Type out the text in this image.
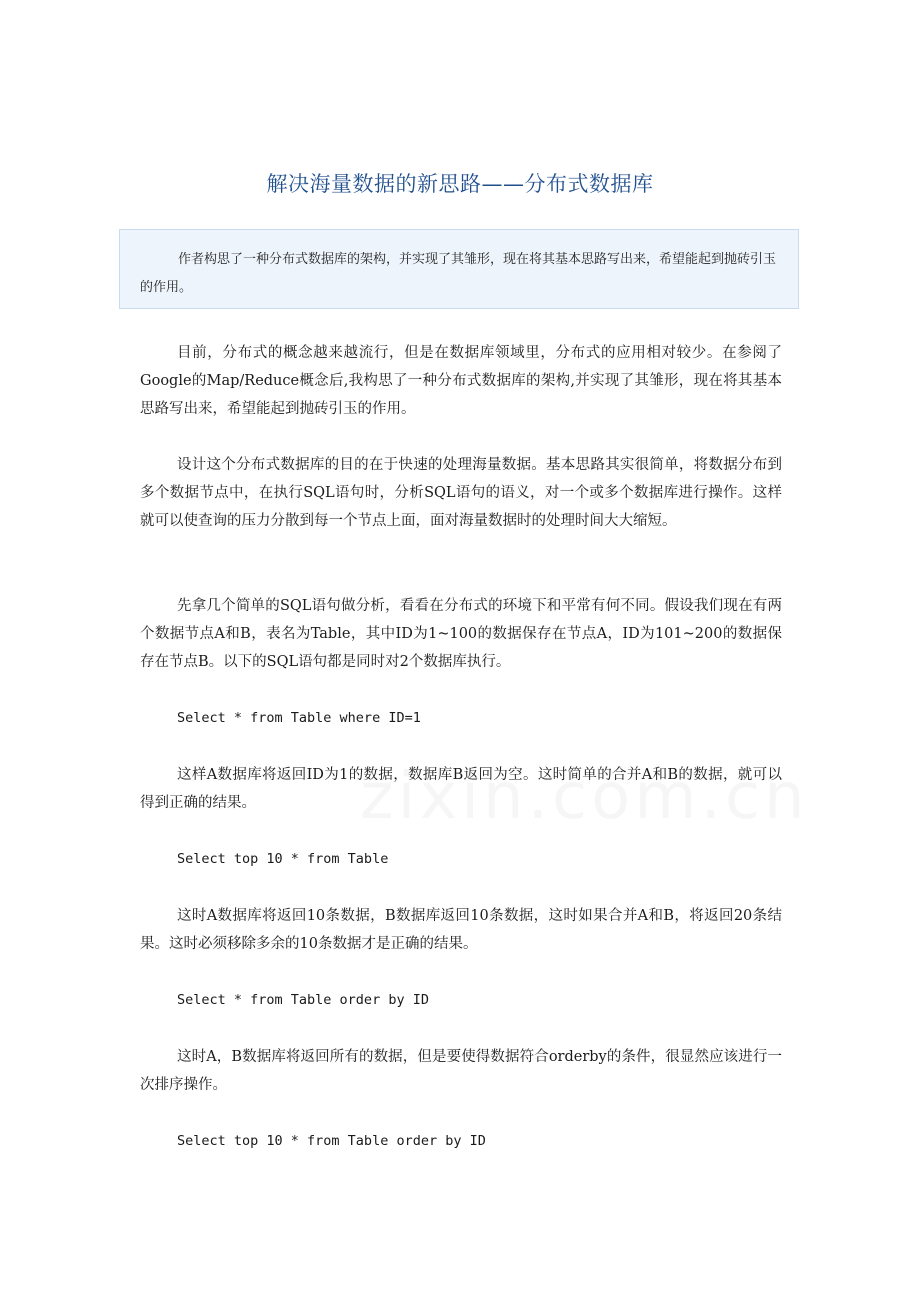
解决海量数据的新思路——分布式数据库

作者构思了一种分布式数据库的架构，并实现了其雏形，现在将其基本思路写出来，希望能起到抛砖引玉的作用。

目前，分布式的概念越来越流行，但是在数据库领域里，分布式的应用相对较少。在参阅了Google的Map/Reduce概念后,我构思了一种分布式数据库的架构,并实现了其雏形，现在将其基本思路写出来，希望能起到抛砖引玉的作用。

设计这个分布式数据库的目的在于快速的处理海量数据。基本思路其实很简单，将数据分布到多个数据节点中，在执行SQL语句时，分析SQL语句的语义，对一个或多个数据库进行操作。这样就可以使查询的压力分散到每一个节点上面，面对海量数据时的处理时间大大缩短。

先拿几个简单的SQL语句做分析，看看在分布式的环境下和平常有何不同。假设我们现在有两个数据节点A和B，表名为Table，其中ID为1~100的数据保存在节点A，ID为101~200的数据保存在节点B。以下的SQL语句都是同时对2个数据库执行。

Select * from Table where ID=1

这样A数据库将返回ID为1的数据，数据库B返回为空。这时简单的合并A和B的数据，就可以得到正确的结果。

Select top 10 * from Table

这时A数据库将返回10条数据，B数据库返回10条数据，这时如果合并A和B，将返回20条结果。这时必须移除多余的10条数据才是正确的结果。

Select * from Table order by ID

这时A，B数据库将返回所有的数据，但是要使得数据符合orderby的条件，很显然应该进行一次排序操作。

Select top 10 * from Table order by ID
